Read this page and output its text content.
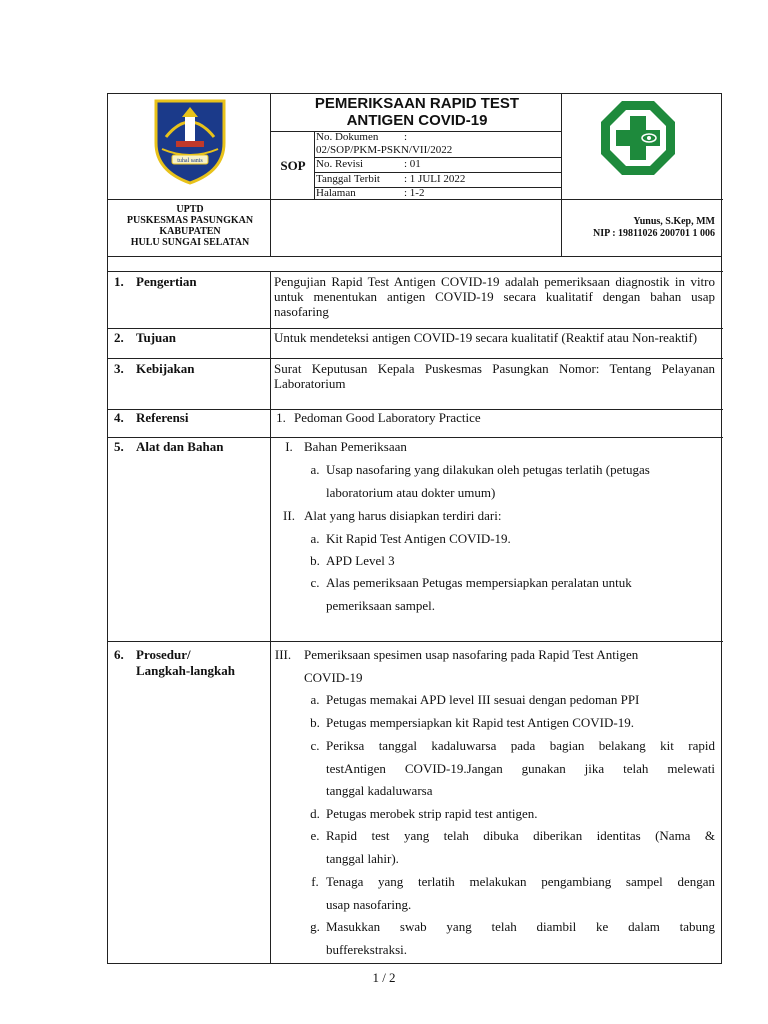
tuhal sanis
PEMERIKSAAN RAPID TEST
ANTIGEN COVID-19
SOP
No. Dokumen :
02/SOP/PKM-PSKN/VII/2022
No. Revisi	: 01
Tanggal Terbit : 1 JULI 2022
Halaman	: 1-2
UPTD
PUSKESMAS PASUNGKAN
KABUPATEN
HULU SUNGAI SELATAN
Yunus, S.Kep, MM
NIP : 19811026 200701 1 006
1. Pengertian	Pengujian Rapid Test Antigen COVID-19 adalah pemeriksaan diagnostik in vitro untuk menentukan antigen COVID-19 secara kualitatif dengan bahan usap nasofaring
2. Tujuan	Untuk mendeteksi antigen COVID-19 secara kualitatif (Reaktif atau Non-reaktif)
3. Kebijakan	Surat Keputusan Kepala Puskesmas Pasungkan Nomor: Tentang Pelayanan Laboratorium
4. Referensi	1. Pedoman Good Laboratory Practice
5. Alat dan Bahan	I. Bahan Pemeriksaan
a. Usap nasofaring yang dilakukan oleh petugas terlatih (petugas
laboratorium atau dokter umum)
II. Alat yang harus disiapkan terdiri dari:
a. Kit Rapid Test Antigen COVID-19.
b. APD Level 3
c. Alas pemeriksaan Petugas mempersiapkan peralatan untuk
pemeriksaan sampel.
6. Prosedur/
Langkah-langkah
III. Pemeriksaan spesimen usap nasofaring pada Rapid Test Antigen
COVID-19
a. Petugas memakai APD level III sesuai dengan pedoman PPI
b. Petugas mempersiapkan kit Rapid test Antigen COVID-19.
c. Periksa tanggal kadaluwarsa pada bagian belakang kit rapid
testAntigen COVID-19.Jangan gunakan jika telah melewati
tanggal kadaluwarsa
d. Petugas merobek strip rapid test antigen.
e. Rapid test yang telah dibuka diberikan identitas (Nama &
tanggal lahir).
f. Tenaga yang terlatih melakukan pengambiang sampel dengan
usap nasofaring.
g. Masukkan swab yang telah diambil ke dalam tabung
bufferekstraksi.
1 / 2
